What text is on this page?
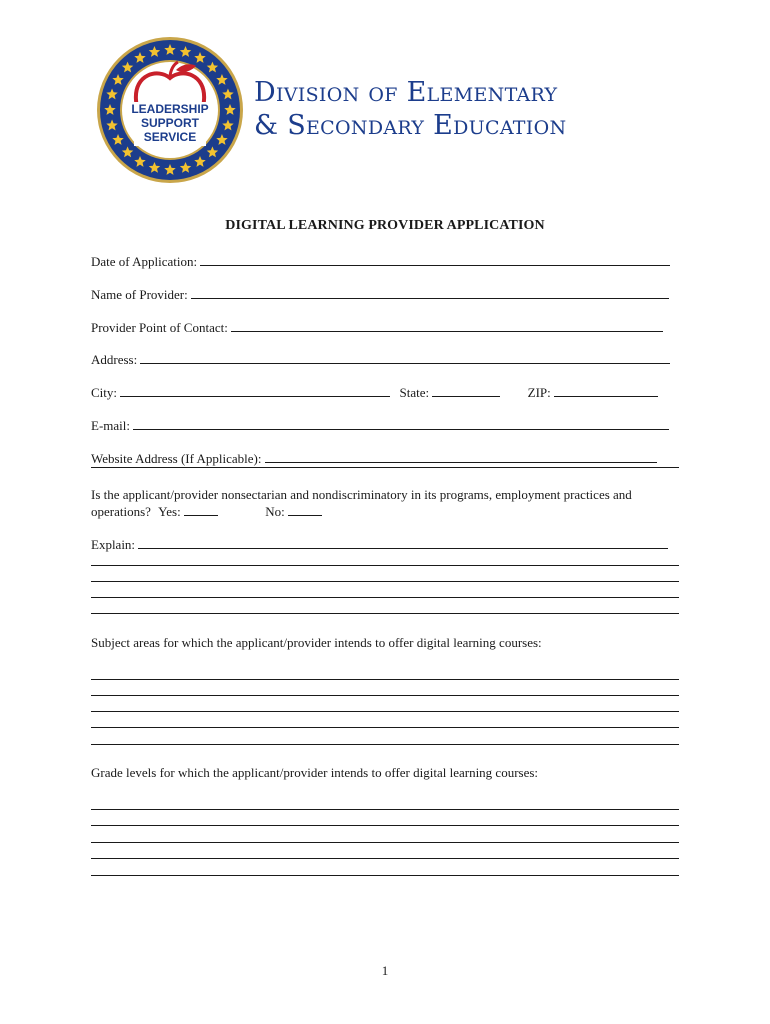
LEADERSHIP
SUPPORT
SERVICE
Division of Elementary
& Secondary Education
DIGITAL LEARNING PROVIDER APPLICATION
Date of Application:
Name of Provider:
Provider Point of Contact:
Address:
City:	State:	ZIP:
E-mail:
Website Address (If Applicable):
Is the applicant/provider nonsectarian and nondiscriminatory in its programs, employment practices and operations? Yes:	No:
Explain:
Subject areas for which the applicant/provider intends to offer digital learning courses:
Grade levels for which the applicant/provider intends to offer digital learning courses:
1
